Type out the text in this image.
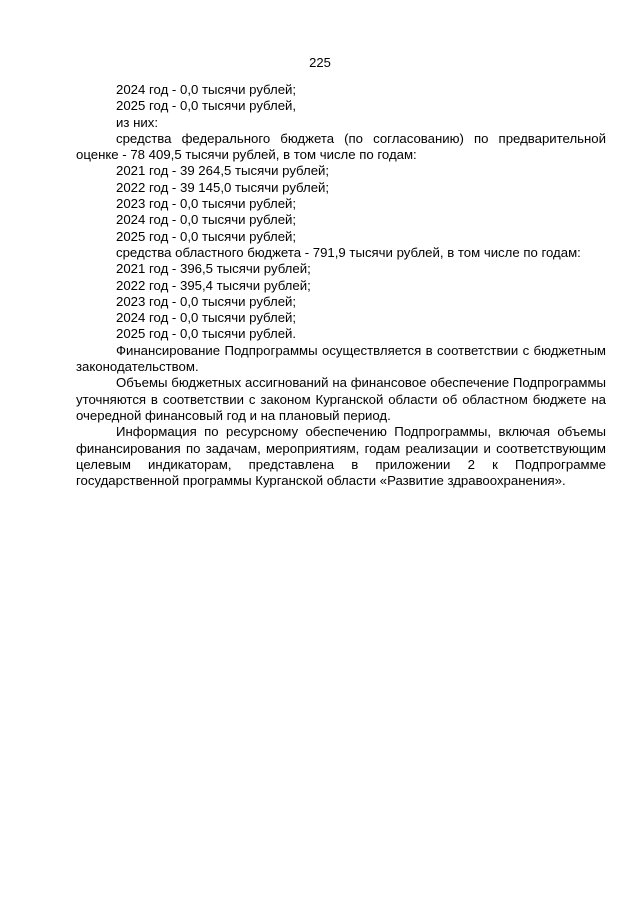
225
2024 год - 0,0 тысячи рублей;
2025 год - 0,0 тысячи рублей,
из них:
средства федерального бюджета (по согласованию) по предварительной
оценке - 78 409,5 тысячи рублей, в том числе по годам:
2021 год - 39 264,5 тысячи рублей;
2022 год - 39 145,0 тысячи рублей;
2023 год - 0,0 тысячи рублей;
2024 год - 0,0 тысячи рублей;
2025 год - 0,0 тысячи рублей;
средства областного бюджета - 791,9 тысячи рублей, в том числе по годам:
2021 год - 396,5 тысячи рублей;
2022 год - 395,4 тысячи рублей;
2023 год - 0,0 тысячи рублей;
2024 год - 0,0 тысячи рублей;
2025 год - 0,0 тысячи рублей.

Финансирование Подпрограммы осуществляется в соответствии с бюджетным законодательством.

Объемы бюджетных ассигнований на финансовое обеспечение Подпрограммы уточняются в соответствии с законом Курганской области об областном бюджете на очередной финансовый год и на плановый период.

Информация по ресурсному обеспечению Подпрограммы, включая объемы финансирования по задачам, мероприятиям, годам реализации и соответствующим целевым индикаторам, представлена в приложении 2 к Подпрограмме государственной программы Курганской области «Развитие здравоохранения».
